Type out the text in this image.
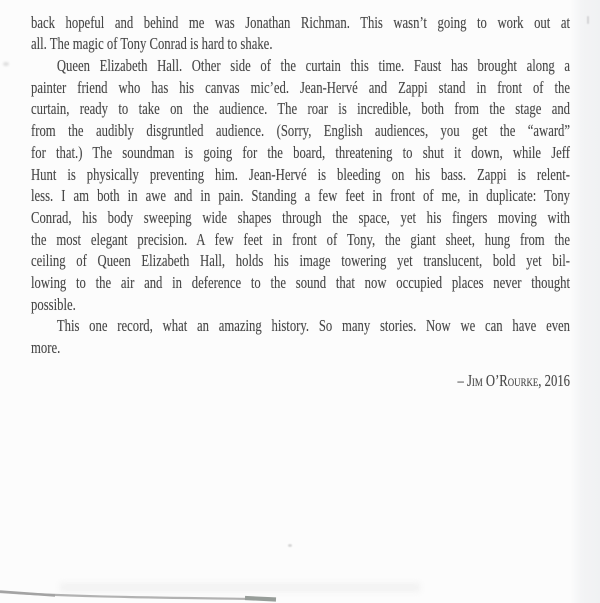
back hopeful and behind me was Jonathan Richman. This wasn’t going to work out at
all. The magic of Tony Conrad is hard to shake.
Queen Elizabeth Hall. Other side of the curtain this time. Faust has brought along a
painter friend who has his canvas mic’ed. Jean-Hervé and Zappi stand in front of the
curtain, ready to take on the audience. The roar is incredible, both from the stage and
from the audibly disgruntled audience. (Sorry, English audiences, you get the “award”
for that.) The soundman is going for the board, threatening to shut it down, while Jeff
Hunt is physically preventing him. Jean-Hervé is bleeding on his bass. Zappi is relent-
less. I am both in awe and in pain. Standing a few feet in front of me, in duplicate: Tony
Conrad, his body sweeping wide shapes through the space, yet his fingers moving with
the most elegant precision. A few feet in front of Tony, the giant sheet, hung from the
ceiling of Queen Elizabeth Hall, holds his image towering yet translucent, bold yet bil-
lowing to the air and in deference to the sound that now occupied places never thought
possible.
This one record, what an amazing history. So many stories. Now we can have even
more.
– Jim O’Rourke, 2016
